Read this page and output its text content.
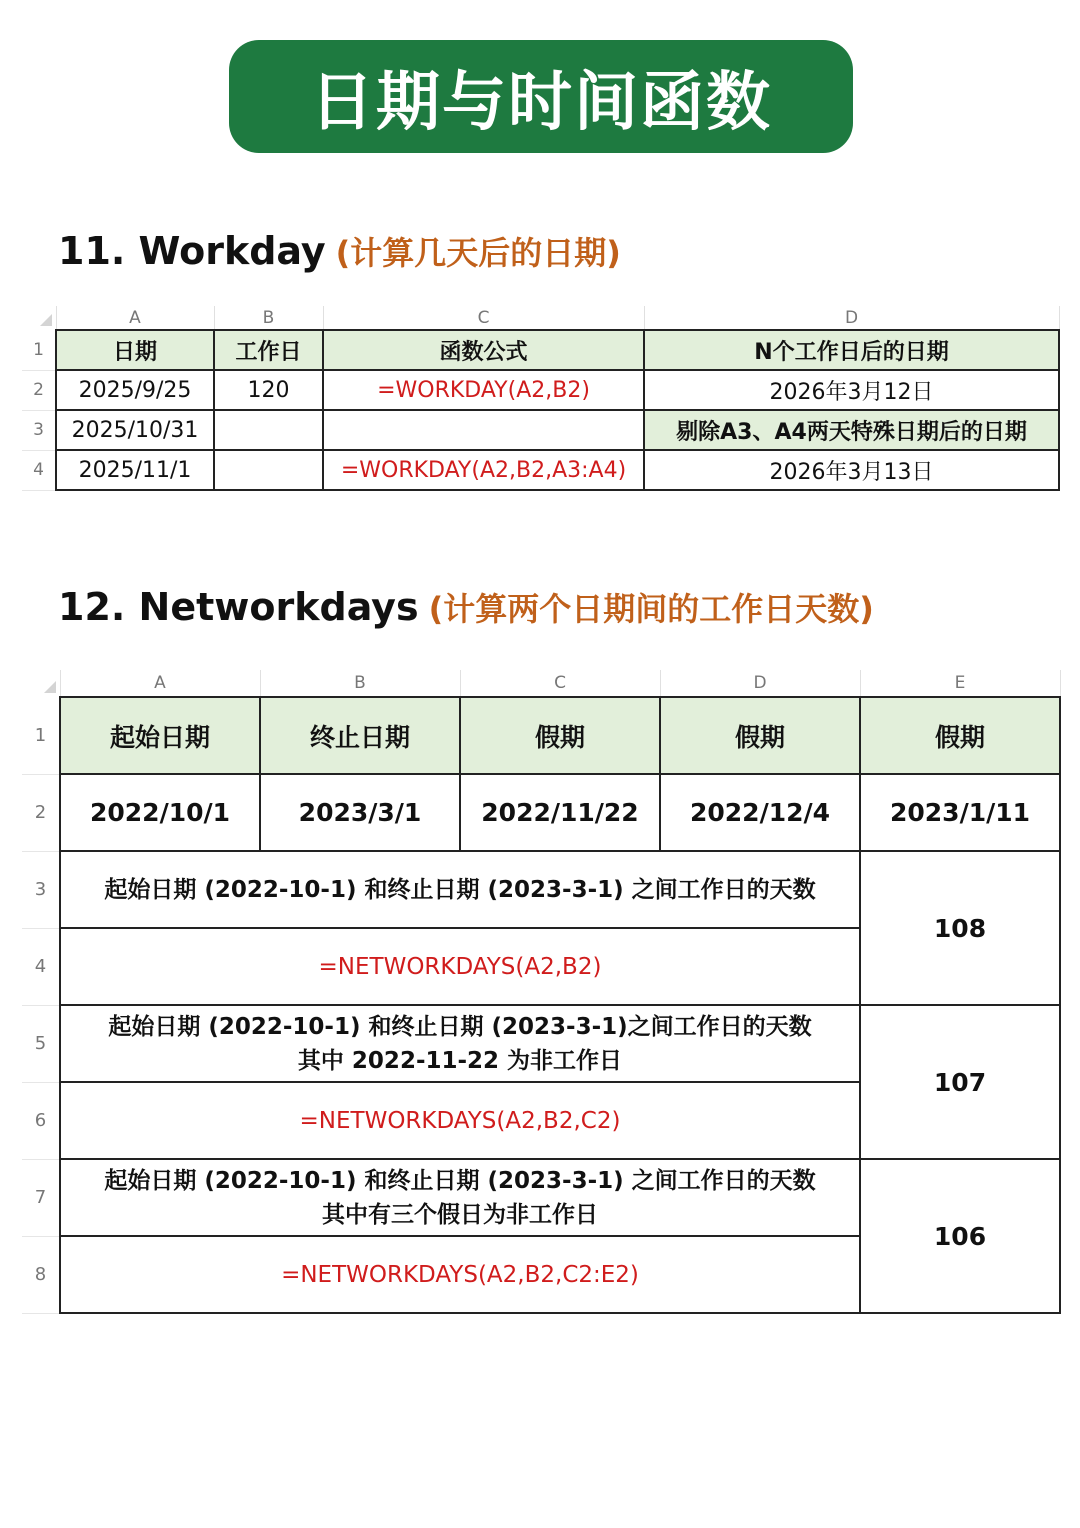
日期与时间函数
11. Workday (计算几天后的日期)
	A	B	C	D
1	日期	工作日	函数公式	N个工作日后的日期
2	2025/9/25	120	=WORKDAY(A2,B2)	2026年3月12日
3	2025/10/31			剔除A3、A4两天特殊日期后的日期
4	2025/11/1		=WORKDAY(A2,B2,A3:A4)	2026年3月13日
12. Networkdays (计算两个日期间的工作日天数)
	A	B	C	D	E
1	起始日期	终止日期	假期	假期	假期
2	2022/10/1	2023/3/1	2022/11/22	2022/12/4	2023/1/11
3	起始日期 (2022-10-1) 和终止日期 (2023-3-1) 之间工作日的天数				108
4	=NETWORKDAYS(A2,B2)				
5	起始日期 (2022-10-1) 和终止日期 (2023-3-1)之间工作日的天数
其中 2022-11-22 为非工作日				107
6	=NETWORKDAYS(A2,B2,C2)				
7	起始日期 (2022-10-1) 和终止日期 (2023-3-1) 之间工作日的天数
其中有三个假日为非工作日				106
8	=NETWORKDAYS(A2,B2,C2:E2)				
